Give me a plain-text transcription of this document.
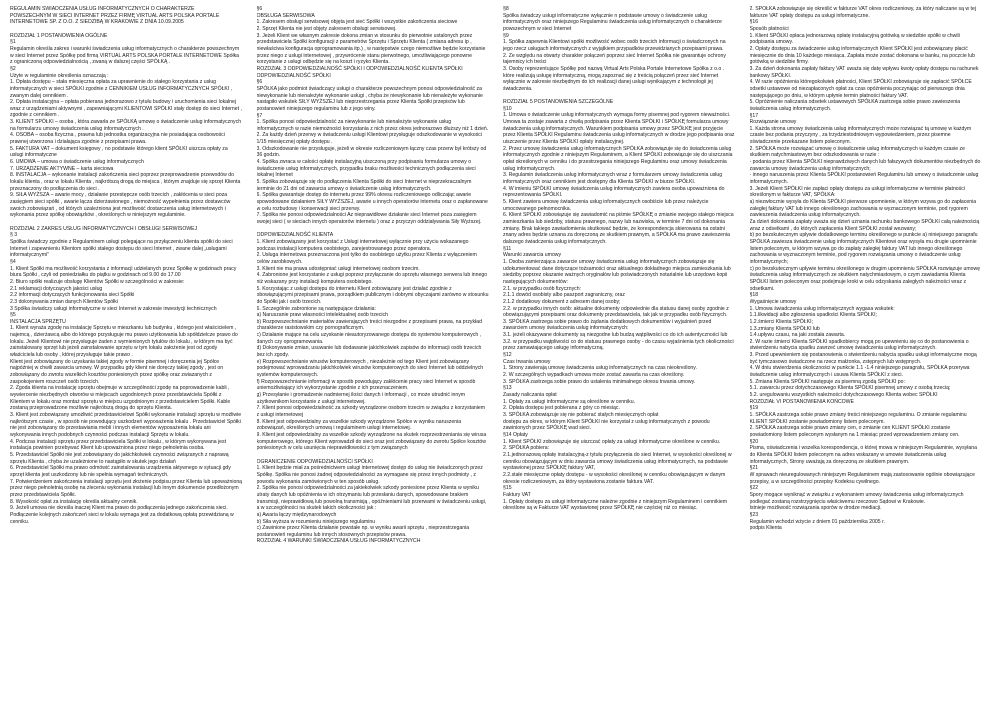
REGULAMIN ŚWIADCZENIA USŁUG INFORMATYCZNYCH O CHARAKTERZE

POWSZECHNYM W SIECI INTERNET PRZEZ FIRMĘ VIRTUAL ARTS POLSKA PORTALE

INTERNETOWE SP. Z O.O. Z SIEDZIBĄ W KRAKOWIE Z DNIA 10.09.2005

ROZDZIAŁ 1 POSTANOWIENIA OGÓLNE

§1

Regulamin określa zakres i warunki świadczenia usług informatycznych o charakterze powszechnym w sieci Internet przez Spółkę pod firmą VIRTUAL ARTS POLSKA PORTALE INTERNETOWE Spółka z ograniczoną odpowiedzialnością , zwaną w dalszej części SPÓŁKĄ .

§2

Użyte w regulaminie określenia oznaczają :

1. Opłata dostępu – stała miesięczna opłata za uprawnienie do stałego korzystania z usług informatycznych w sieci SPÓŁKI zgodnie z CENNIKIEM USŁUG INFORMATYCZNYCH SPÓŁKI , zwanym dalej cennikiem .

2. Opłata instalacyjna – opłata pobierana jednorazowo z tytułu budowy i uruchomienia sieci lokalnej wraz z urządzeniami aktywnymi , zapewniającymi KLIENTOWI SPÓŁKI stały dostęp do sieci Internet , zgodnie z cennikiem .

3. KLIENT SPÓŁKI – osoba , która zawarła ze SPÓŁKĄ umowę o świadczenie usług informatycznych na formularzu umowy świadczenia usług informatycznych .

4. OSOBA – osoba fizyczna , prawna lub jednostka organizacyjna nie posiadająca osobowości prawnej utworzona i działająca zgodnie z przepisami prawa.

5. FAKTURA VAT – dokument księgowy , no podstawie którego klient SPÓŁKI uiszcza opłaty za usługi informatyczne

6. UMOWA – umowa o świadczenie usług informatycznych

7. URZĄDZENIE AKTYWNE – karta sieciowa

8. INSTALACJA – wykonanie instalacji zakończenia sieci poprzez przeprowadzenie przewodów do lokalu klienta , oraz w lokalu Klienta , najkrótszą drogą do miejsca , którym znajduje się sprzęt Klienta przeznaczony do podłączenia do sieci .

9. SIŁA WYŻSZA – awarie mocy , działanie przestępcze osób trzecich , zakłócenia w sieci poza zasięgiem sieci spółki , awarie łącza dzierżawionego , niemożność wypełnienia przez dostawców swoich zobowiązań , od których uzależniona jest możliwość dostarczenia usług internetowych i wykonania przez spółkę obowiązków , określonych w niniejszym regulaminie.

ROZDZIAŁ 2 ZAKRES USŁUG INFORMATYCZNYCH I OBSŁUGI SERWISOWEJ

§ 3

Spółka świadczy zgodnie z Regulaminem usługi polegające na przyłączeniu klienta spółki do sieci Internet i zapewnieniu Klientom spółki stałego dostępu do sieci Internet , zwane dalej „usługami informatycznymi”

§4

1. Klient Spółki ma możliwość korzystania z informacji udzielanych przez Spółkę w godzinach pracy biura Spółki , czyli od poniedziałku do piątku w godzinach od 9.00 do 17.00

2. Biuro spółki realizuje obsługę Klientów Spółki w szczególności w zakresie:

2.1 reklamacji dotyczących jakości usług

2.2 informacji dotyczących funkcjonowania sieci Spółki

2.3 dokonywania zmian danych Klientów Spółki

3 Spółka świadczy usługi informatyczne w sieci Internet w zakresie inwestycji technicznych

§5

INSTALACJA SPRZĘTU

1. Klient wyraża zgodę na instalację Sprzętu w mieszkaniu lub budynku , którego jest właścicielem , najemcą , dzierżawcą albo do którego przysługuje mu prawo użytkowania lub spółdzielcze prawo do lokalu. Jeżeli Klientowi nie przysługuje żaden z wymienionych tytułów do lokalu , w którym ma być zainstalowany sprzęt lub jeżeli zainstalowanie sprzętu w tym lokalu założenie jest od zgody właściciela lub osoby , której przysługuje takie prawo .

Klient jest zobowiązany do uzyskania takiej zgody w formie pisemnej i doręczenia jej Spółce najpóźniej w chwili zawarcia umowy. W przypadku gdy klient nie doręczy takiej zgody , jest on zobowiązany do zwrotu wszelkich kosztów poniesionych przez spółkę oraz zwiazanych z zaspokojeniem roszczeń osób trzecich.

2. Zgoda klienta na instalację sprzętu obejmuje w szczególności zgodę na poprowadzenie kabli , wywiercenie niezbędnych otworów w miejscach uzgodnionych przez przedstawiciela Spółki z Klientem w lokalu oraz montaż sprzętu w miejscu uzgodnionym z przedstawicielem Spółki. Kable zostaną przeprowadzone możliwie najkrótszą drogą do sprzętu Klienta.

3. Klient jest zobowiązany umożliwić przedstawicielowi Spółki wykonanie instalacji sprzętu w możliwie najkrótszym czasie , w sposób nie powodujący uszkodzeń wyposażenia lokalu . Przedstawiciel Spółki nie jest zobowiązany do przestawiania mebli i innych elementów wyposażenia lokalu ani wykonywania innych podobnych czynności podczas instalacji Sprzętu w lokalu.

4. Podczas instalacji sprzętu przez przedstawiciela Spółki w lokalu , w którym wykonywana jest instalacja powinien przebywać Klient lub upoważniona przez niego pełnoletnia osoba.

5. Przedstawiciel Spółki nie jest zobowiązany do jakichkolwiek czynności związanych z naprawą sprzętu Klienta , chyba że uzależnione to nastąpiło w skutek jego działań

6. Przedstawiciel Spółki ma prawo odmówić zainstalowania urządzenia aktywnego w sytuacji gdy sprzęt klienta jest uszkodzony lub nie spełnia wymagań technicznych.

7. Potwierdzeniem zakończenia instalacji sprzętu jest złożenie podpisu przez Klienta lub upoważnioną przez niego pełnoletnią osobę na zleceniu wykonania instalacji lub innym dokumencie przedłożonym przez przedstawiciela Spółki.

8. Wysokość opłat za instalację określa aktualny cennik.

9. Jeżeli umowa nie określa inaczej Klient ma prawo do podłączenia jednego zakończenia sieci. Podłączenie kolejnych zakończeń sieci w lokalu wymaga jest za dodatkową opłatą przewidzianą w cenniku.

§6

OBSŁUGA SERWISOWA

1. Zakresem obsługi serwisowej objęta jest sieć Spółki i wszystkie zakończenia sieciowe

2. Sprzęt Klienta nie jest objęty zakresem obsługi serwisowej.

3. Jeżeli Klient we własnym zakresie dokona zmian w stosunku do pierwotnie ustalonych przez przedstawiciela Spółki konfiguracji z parametrów Sprzętu i Sprzętu Klienta ( zmiana adresu ip , niewłaściwa konfiguracja oprogramowania itp.) , w następstwie czego niemożliwe będzie korzystanie przez niego z usługi internetowej , przywrócenie stanu pierwotnego, umożliwiającego ponowne korzystanie z usługi odbędzie się na koszt i ryzyko Klienta.

ROZDZIAŁ 3 ODPOWIEDZIALNOŚĆ SPÓŁKI I ODPOWIEDZIALNOŚĆ KLIENTA SPÓŁKI ODPOWIEDZIALNOŚĆ SPÓŁKI

§6

SPÓŁKA jako podmiot świadczący usługi o charakterze powszechnym ponosi odpowiedzialność za niewykonanie lub nienależyte wykonanie usługi , chyba że niewykonanie lub nienależyte wykonanie nastąpiło wskutek SIŁY WYŻSZEJ lub nieprzestrzegania przez Klienta Spółki przepisów lub postanowień niniejszego regulaminu lub z jego winy.

§7

1. Spółka ponosi odpowiedzialność za niewykonanie lub nienależyte wykonanie usług informatycznych w razie niemożności korzystania z nich przez okres jednorazowo dłuższy niż 1 dzień.

2. Za każdy dzień przerwy w świadczeniu usługi Klientowi przysługuje odszkodowanie w wysokości 1/15 miesięcznej opłaty dostępu .

3. Odszkodowanie nie przysługuje, jeżeli w okresie rozliczeniowym łączny czas przerw był krótszy od 36 godzin.

4. Spółka zwraca w całości opłatę instalacyjną uiszczoną przy podpisaniu formularza umowy o świadczenie usług informatycznych, przypadku braku możliwości technicznych podłączenia sieci lokalnej Internet

5. Spółka zobowiązuje się do podłączenia Klienta Spółki do sieci Internet w nieprzekraczalnym terminie do 21 dni od zawarcia umowy o świadczenie usług informatycznych.

6. Spółka gwarantuje dostęp do internetu przez 99% okresu rozliczeniowego odliczając awarie spowodowane działaniem SIŁY WYŻSZEJ, awarie u innych operatorów internetu oraz o zapłanowane w celu rozbudowy i konserwacji sieci przerwy.

7. Spółka nie ponosi odpowiedzialności Az nieprawidłowe działanie sieci Internet poza zasięgiem swojej sieci ( w sieciach innych operatorów internetu ) oraz z przyczyn oddziaływania Siły Wyższej.

ODPOWIEDZIALNOŚĆ KLIENTA

1. Klient zobowiązany jest korzystać z Usługi internetowej wyłącznie przy użyciu wskazanego podczas instalacji komputera osobistego, zarejestrowanego przez operatora.

2. Usługa internetowa przeznaczona jest tylko do osobistego użytku przez Klienta z wyłączeniem celów zarobkowych.

3. Klient nie ma prawa udostępniać usługi internetowej osobom trzecim.

4. Zabronione jest korzystanie z usługi poprzez przyłączanie do sprzętu własnego serwera lub innego niż wskazany przy instalacji komputera osobistego.

5. Korzystając z usługi dostępu do internetu Klient zobowiązany jest działać zgodnie z obowiązującymi przepisami prawa, porządkiem publicznym i dobrymi obyczajami zarówno w stosunku do Spółki jak i osób trzecich.

6. Szczególnie zabronione są następujące działania:

a) Naruszanie praw własności intelektualnej osób trzecich

b) Rozpowszechnianie materiałów zawierających treści niezgodne z przepisami prawa, na przykład charakterze rasistowskim czy pornograficznym.

c) Działanie mające na celu uzyskanie nieautoryzowanego dostępu do systemów komputerowych , danych czy oprogramowania.

d) Dokonywanie zmian, usuwanie lub dodawanie jakichkolwiek zapisów do informacji osób trzecich bez ich zgody.

e) Rozpowszechnianie wirusów komputerowych , niezależnie od tego Klient jest zobowiązany podejmować wprowadzaniu jakichkolwiek wirusów komputerowych do sieci Internet lub oddzielnych systemów komputerowych.

f) Rozpowszechnianie informacji w sposób powodujący zakłócenie pracy sieci Internet w sposób uniemożliwiający ich wykorzystanie zgodnie z ich przeznaczeniem.

g) Przesyłanie i gromadzenie nadmiernej ilości danych i informacji , co może utrudnić innym użytkownikom korzystanie z usługi internetowej.

7. Klient ponosi odpowiedzialność za szkody wyrządzone osobom trzecim w związku z korzystaniem z usługi internetowej

8. Klient jest odpowiedzialny za wszelkie szkody wyrządzone Spółce w wyniku naruszenia zobowiązań, określonych umową i regulaminem usługi internetowej.

9. Klient jest odpowiedzialny za wszelkie szkody wyrządzone na skutek rozprzestrzeniania się wirusa komputerowego, którego Klient wprowadził do sieci oraz jest zobowiązany do zwrotu Spółce kosztów poniesionych w celu usunięcia nieprawidłowości z tym związanych

OGRANICZENIE ODPOWIEDZIALNOŚCI SPÓŁKI

1. Klient będzie miał za pośrednictwem usługi internetowej dostęp do usług nie świadczonych przez Spółkę. Spółka nie ponosi żadnej odpowiedzialności za wymagane się przez innych podmioty , z powodu wykonania zamówionych w ten sposób usług.

2. Spółka nie ponosi odpowiedzialności za jakiekolwiek szkody poniesione przez Klienta w wyniku utraty danych lub opóźnienia w ich otrzymaniu lub przesłaniu danych, spowodowane brakiem transmisji, nieprawidłową lub powolną transmisją , opóźnieniami lub przerwami w świadczeniu usługi, a w szczególności na skutek takich okoliczności jak :

a) Awaria łączy międzynarodowych

b) Siła wyższa w rozumieniu niniejszego regulaminu

c) Zawinione przez Klienta działanie powstałe np. w wyniku awarii sprzętu , nieprzestrzegania postanowień regulaminu lub innych stosownych przepisów prawa.

ROZDZIAŁ 4 WARUNKI ŚWIADCZENIA USŁUG INFORMATYCZNYCH

§8

Spółka świadczy usługi informatyczne wyłącznie n podstawie umowy o świadczenie usług informatycznych oraz niniejszego Regulaminu świadczenia usług informatycznych o charakterze powszechnym w sieci Internet

§9

1. Spółka zapewnia Klientowi spółki możliwość wobec osób trzecich informacji o świadczonych na jego rzecz usługach informatycznych z wyjątkiem przypadków przewidzianych przepisami prawa.

2. Ze względu na otwarty charakter połączeń poprzez sieć Internet Spółka nie gwarantuje ochrony tajemnicy ich treści

3. Osoby reprezentujące Spółkę pod nazwą Virtual Arts Polska Portale Internetowe Spółka z o.o . ktòre realizują usługę informatyczną, mogą zapoznać się z treścią połączeń przez sieć Internet wyłącznie w zakresie niezbędnym do ich realizacji danej usługi wynikającym z technologii jej świadczenia.

ROZDZIAŁ 5 POSTANOWIENIA SZCZEGÓLNE

§10

1. Umowa o świadczenie usług informatycznych wymaga formy pisemnej pod rygorem nieważności. Umowa ta zostaje zawarta z chwilą podpisania przez Klienta SPÓŁKI i SPÓŁKĘ formularza umowy świadczenia usług informatycznych. Warunkiem podpisania umowy przez SPÓŁKĘ jest przyjęcie przez Klienta SPÓŁKI Regulaminu świadczenia usług informatycznych w drodze jego podpisania oraz uiszczenie przez Klienta SPÓŁKI opłaty instalacyjnej.

2. Przez umowę świadczenia usług informatycznych SPÓŁKA zobowiązuje się do świadczenia usług informatycznych zgodnie z niniejszym Regulaminem, a Klient SPÓŁKI zobowiązuje się do uiszczania opłat określonych w cenniku i do przestrzegania niniejszego Regulaminu oraz umowy świadczenia usług informatycznych.

3. Regulamin świadczenia usług informatycznych wraz z formularzem umowy świadczenia usług informatycznych oraz cennikiem jest dostępny dla Klienta SPÓŁKI w biurze SPÓŁKI.

4. W imieniu SPÓŁKI umowę świadczenia usług informatycznych zawiera osoba upoważniona do reprezentowania SPÓŁKI.

5. Klient zawiera umowę świadczenia usług informatycznych osobiście lub przez należycie umocowanego pełnomocnika.

6. Klient SPÓŁKI zobowiązuje się zawiadomić na piśmie SPÓŁKĘ o zmianie swojego stałego miejsca zamieszkania lub siedziby, statusu prawnego, nazwy lub nazwiska, w terminie 7 dni od dokonania zmiany. Brak takiego zawiadomienia skutkować będzie, że korespondencja skierowana na ostatni znany adres będzie uznana za doręczoną ze skutkiem prawnym, a SPÓŁKA ma prawo zawieszenia dalszego świadczenia usług informatycznych.

§11

Warunki zawarcia umowy

1. Osoba zamierzająca zawarcie umowy świadczenia usług informatycznych zobowiązuje się udokumentować dane dotyczące tożsamości oraz aktualnego dokładnego miejsca zamieszkania lub siedziby poprzez okazanie ważnych oryginałów lub poświadczonych notarialnie lub urzędowo kopii następujących dokumentów:

2.1. w przypadku osób fizycznych:

2.1.1 dowód osobisty albo paszport zagraniczny, oraz

2.1.2 dodatkowy dokument z adresem danej osoby;

2.2. w przypadku innych osób: aktualne dokumenty odpowiednie dla statusu danej osoby zgodnie z obowiązującymi przepisami oraz dokumenty przedstawiciela, tak jak w przypadku osób fizycznych.

3. SPÓŁKA zastrzega sobie prawo do żądania dodatkowych dokumentów i wyjaśnień przed zawarciem umowy świadczenia usług informatycznych:

3.1. jeżeli okazywane dokumenty są niezgodne lub budzą wątpliwości co do ich autentyczności lub

3.2. w przypadku wątpliwości co do statusu prawnego osoby - do czasu wyjaśnienia tych okoliczności przez zamawiającego usługę informatyczną.

§12

Czas trwania umowy

1. Strony zawierają umowę świadczenia usług informatycznych na czas nieokreślony.

2. W szczególnych wypadkach umowa może zostać zawarta na czas określony.

3. SPÓŁKA zastrzega sobie prawo do ustalenia minimalnego okresu trwania umowy.

§13

Zasady naliczania opłat

1. Opłaty za usługi informatyczne są określone w cenniku.

2. Opłata dostępu jest pobierana z góry co miesiąc.

3. SPÓŁKA zobowiązuje się nie pobierać stałych miesięcznych opłat

dostępu za okres, w którym Klient SPÓŁKI nie korzystał z usług informatycznych z powodu zawinionych przez SPÓŁKĘ wad sieci.

§14 Opłaty

1. Klient SPÓŁKI zobowiązuje się uiszczać opłaty za usługi informatyczne określone w cenniku.

2. SPÓŁKA pobiera:

2.1.jednorazową opłatę instalacyjną-z tytułu przyłączenia do sieci Internet, w wysokości określonej w cenniku obowiązującym w dniu zawarcia umowy świadczenia usług informatycznych, na podstawie wystawionej przez SPÓŁKĘ faktury VAT,

2.2.stałe miesięczne opłaty dostępu - w wysokości określonej w cenniku obowiązującym w danym okresie rozliczeniowym, za który wystawiona zostanie faktura VAT.

§15

Faktury VAT

1. Opłaty dostępu za usługi informatyczne należne zgodnie z niniejszym Regulaminem i cennikiem określone są w Fakturze VAT wystawionej przez SPÓŁKĘ nie częściej niż co miesiąc.

2. SPÓŁKA zobowiązuje się określić w fakturze VAT okres rozliczeniowy, za który naliczane są w tej fakturze VAT opłaty dostępu za usługi informatyczne.

§16

Sposób płatności

1. Klient SPÓŁKI opłaca jednorazową opłatę instalacyjną gotówką w siedzibie spółki w chwili podpisania umowy.

2. Opłaty dostępu za świadczenie usług informatycznych Klient SPÓŁKI jest zobowiązany płacić miesięcznie do dnia 10 każdego miesiąca. Zapłata może zostać dokonana w banku, na poczcie lub gotówką w siedzibie firmy.

3. Za dzień dokonania zapłaty faktury VAT uważa się datę wpływu kwoty opłaty dostępu na rachunek bankowy SPÓŁKI.

4. W razie opóźnienia któregokolwiek płatności, Klient SPÓŁKI zobowiązuje się zapłacić SPÓŁCE odsetki ustawowe od niezapłaconych opłat za czas opóźnienia poczynając od pierwszego dnia następującego po dniu, w którym upłynie termin płatności faktury VAT.

5. Opróżnienie naliczania odsetek ustawowych SPÓŁKA zastrzega sobie prawo zawieszenia świadczenia usług informatycznych.

§17

Rozwiązanie umowy

1. Każda strona umowy świadczenia usług informatycznych może rozwiązać tą umowę w każdym czasie bez podania przyczyny , za trzydziestodniowym wypowiedzeniem, przez pisemne oświadczenie przekazane listem poleconym.

2. SPÓŁKA może rozwiązać umowę o świadczenie usług informatycznych w każdym czasie ze skutkiem natychmiastowym bez odszkodowania w razie :

- podania przez Klienta SPÓŁKI nieprawdziwych danych lub fałszywych dokumentów niezbędnych do zawarcia umowy świadczenia usług informatycznych;

- innego naruszenia przez Klienta SPÓŁKI postanowień Regulaminu lub umowy o świadczenie usług informatycznych.

3. Jeżeli Klient SPÓŁKI nie zapłaci opłaty dostępu za usługi informatyczne w terminie płatności określonym w fakturze VAT, SPÓŁKA:

a) niezwłocznie wysyła do Klienta SPÓŁKI pierwsze upomnienie, w którym wzywa go do zapłacenia zaległej faktury VAT lub innego określonego zachowania w wyznaczonym terminie, pod rygorem zawieszenia świadczenia usług informatycznych.

Za dzień dokonania zapłaty uważa się dzień uznania rachunku bankowego SPÓŁKI całą należnością wraz z odsetkami , do których zapłacenia Klient SPÓŁKI został wezwany;

b) po bezskutecznym upływie dodatkowego terminu określonego w punkcie a) niniejszego paragrafu SPÓŁKA zawiesza świadczenie usług informatycznych Klientowi oraz wysyła mu drugie upomnienie listem poleconym, w którym wzywa go do zapłaty zaległej faktury VAT lub innego określonego zachowania w wyznaczonym terminie, pod rygorem rozwiązania umowy o świadczenie usług informatycznych;

c) po bezskutecznym upływie terminu określonego w drugim upomnieniu SPÓŁKA rozwiązuje umowę świadczenia usług informatycznych ze skutkiem natychmiastowym, o czym zawiadamia Klienta SPÓŁKI listem poleconym oraz podejmuje kroki w celu odzyskania zaległych należności wraz z odsetkami.

§18

Wygaśnięcie umowy

1. Umowa świadczenia usług informatycznych wygasa wskutek:

1.1.likwidacji albo zgłoszenia upadłości Klienta SPÓŁKI;

1.2.śmierci Klienta SPÓŁKI;

1.3.zmiany Klienta SPÓŁKI lub

1.4.upływu czasu, na jaki została zawarta.

2. W razie śmierci Klienta SPÓŁKI spadkobiercy mogą po upewnieniu się co do postanowienia o stwierdzeniu nabycia spadku zawrzeć umowę świadczenia usług informatycznych.

3. Przed upewnieniem się postanowienia o stwierdzeniu nabycia spadku usługi informatyczne mogą być tymczasowo świadczone na rzecz małżonka, zstępnych lub wstępnych.

4. W dniu stwierdzenia okoliczności w punkcie 1.1 -1.4 niniejszego paragrafu, SPÓŁKA przerywa świadczenie usług informatycznych i usuwa Klienta SPÓŁKI z sieci.

5. Zmiana Klienta SPÓŁKI następuje za pisemną zgodą SPÓŁKI po:

5.1. zawarciu przez dotychczasowego Klienta SPÓŁKI pisemnej umowy z osobą trzecią;

5.2. uregulowaniu wszystkich należności dotychczasowego Klienta wobec SPÓŁKI

ROZDZIAŁ VI POSTANOWIENIA KOŃCOWE

§19

1. SPÓŁKA zastrzega sobie prawo zmiany treści niniejszego regulaminu. O zmianie regulaminu KLIENT SPÓŁKI zostanie powiadomiony listem poleconym.

2. SPÓŁKA zastrzega sobie prawo zmiany cen, o zmianie cen KLIENT SPÓŁKI zostanie powiadomiony listem poleconym wysłanym na 1 miesiąc przed wprowadzeniem zmiany cen.

§20

Pisma, oświadczenia i wszelka korespondencja, o której mowa w niniejszym Regulaminie, wysyłana do Klienta SPÓŁKI listem poleconym na adres wskazany w umowie świadczenia usług informatycznych, Strony uważają za doręczoną ze skutkiem prawnym.

§21

W sprawach nieuregulowanych niniejszym Regulaminem mają zastosowanie ogólnie obowiązujące przepisy, a w szczególności przepisy Kodeksu cywilnego.

§22

Spory mogące wyniknąć w związku z wykonaniem umowy świadczenia usług informatycznych podlegać zostaną rozstrzygnięciu właściwemu rzeczowo Sądowi w Krakowie.

Istnieje możliwość rozwiązania sporów w drodze mediacji.

§23

Regulamin wchodzi wżycie z dniem 01 października 2005 r.

podpis Klienta
